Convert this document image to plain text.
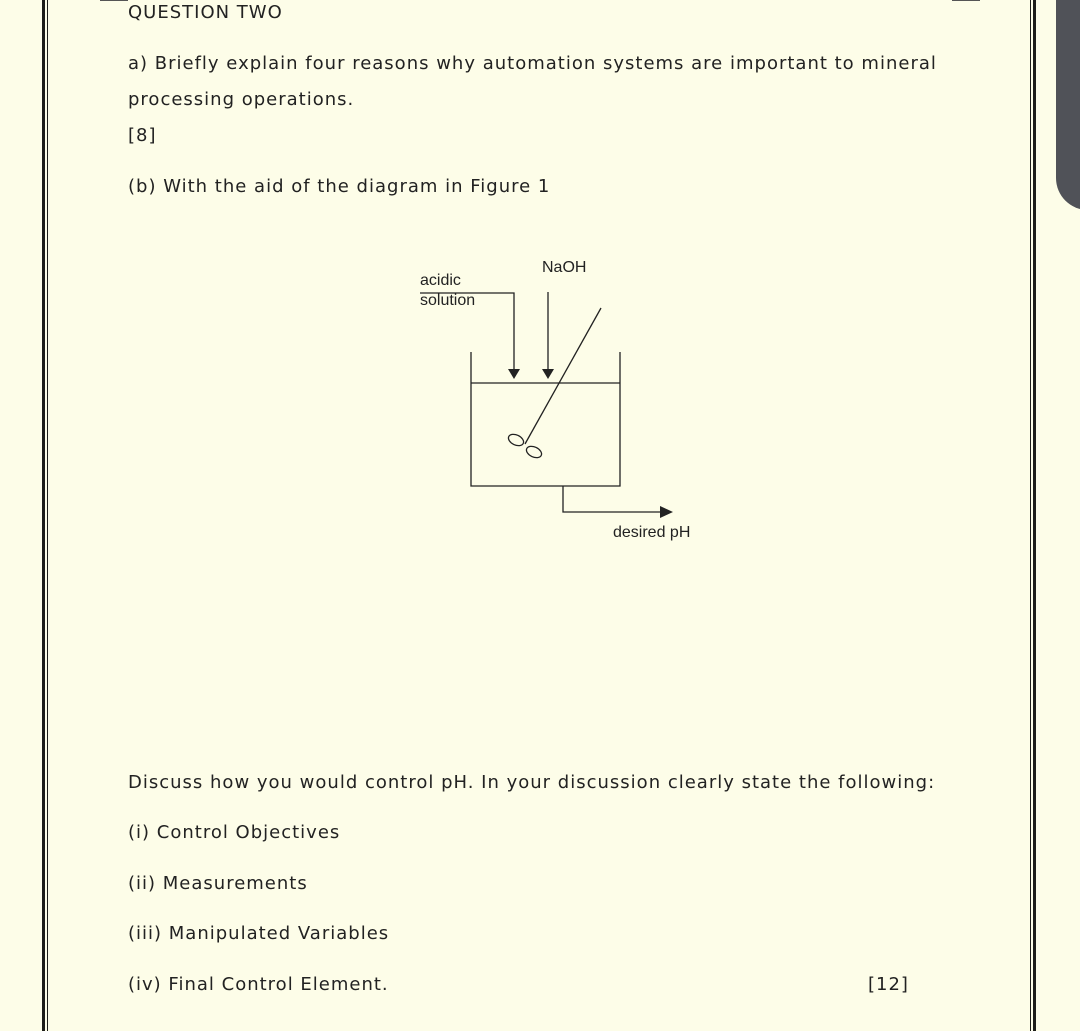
QUESTION TWO
a) Briefly explain four reasons why automation systems are important to mineral
processing operations.
[8]
(b) With the aid of the diagram in Figure 1
acidic
solution
NaOH
desired pH
Discuss how you would control pH. In your discussion clearly state the following:
(i) Control Objectives
(ii) Measurements
(iii) Manipulated Variables
(iv) Final Control Element.	[12]
